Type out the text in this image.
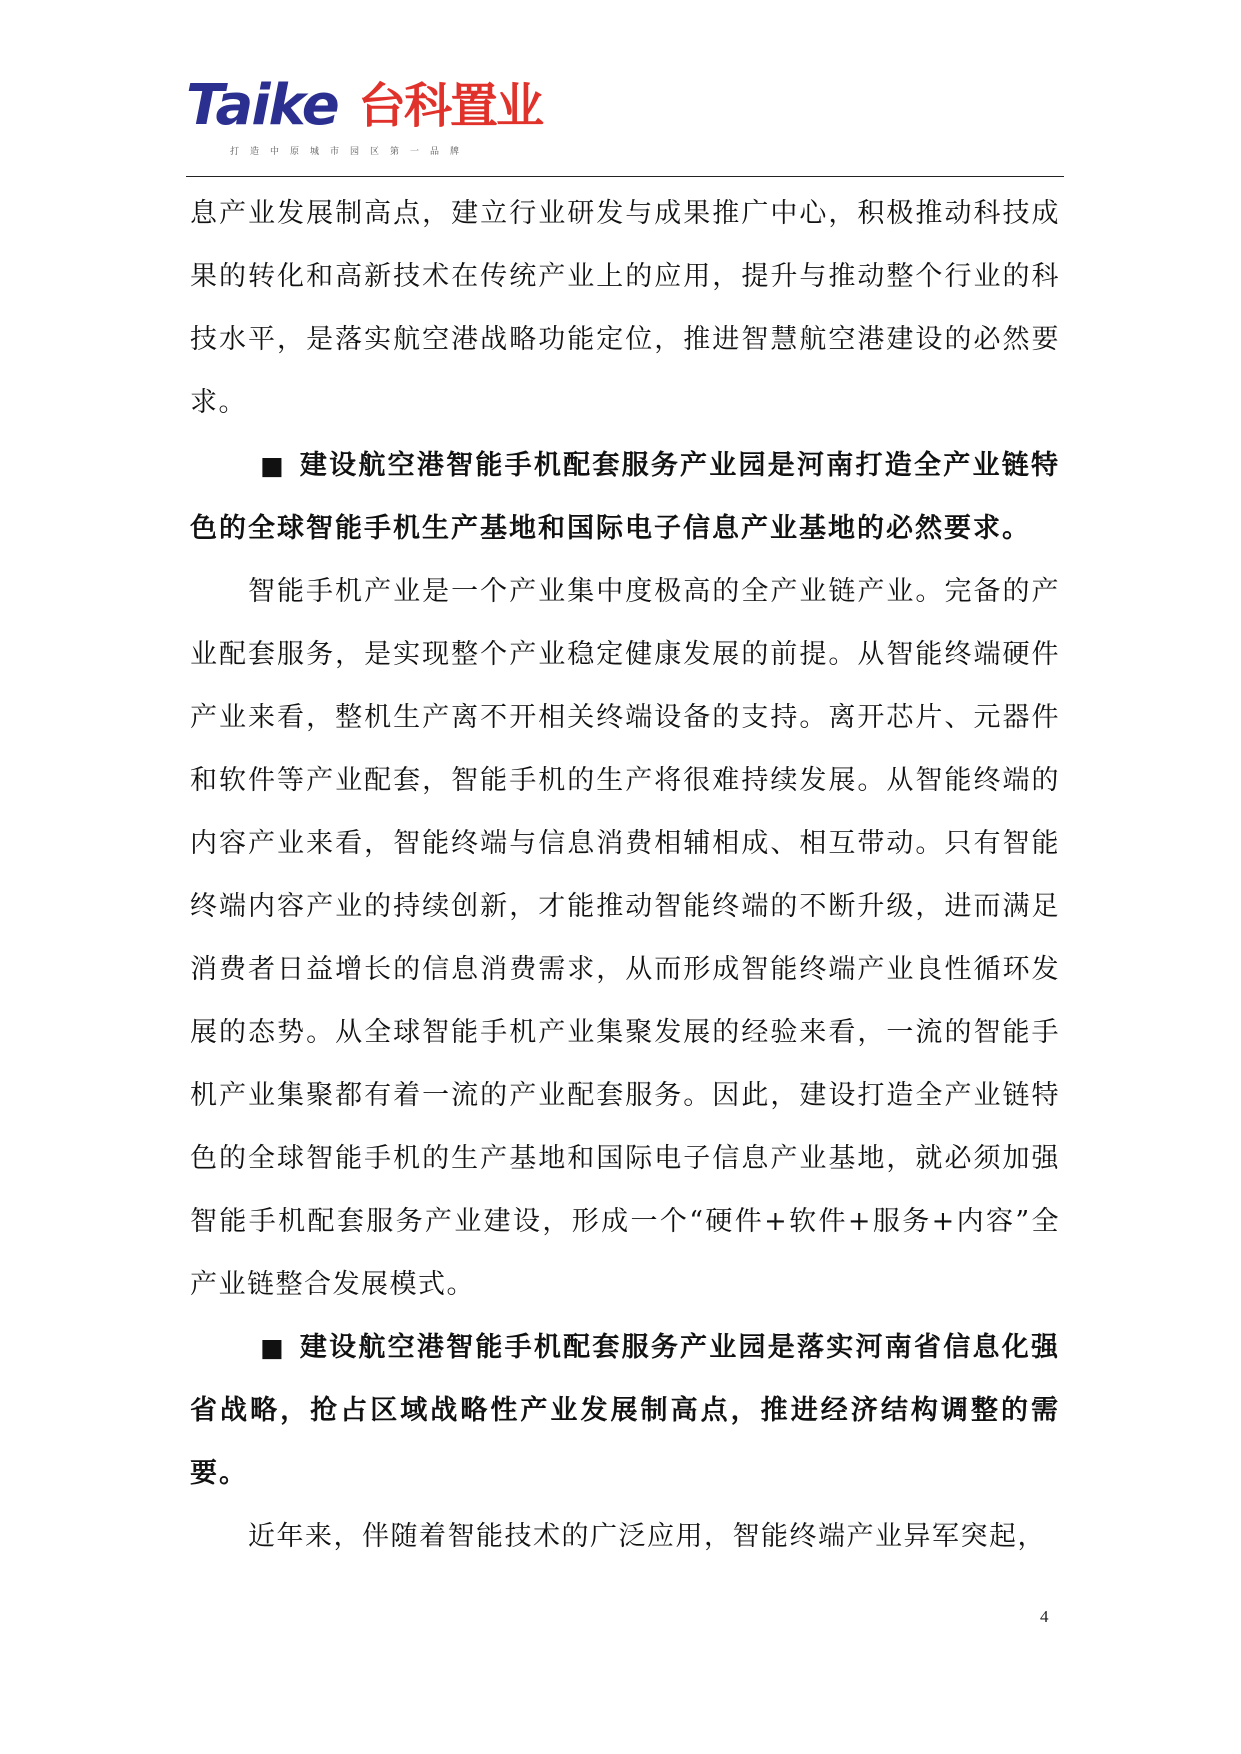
Taike 台科置业
打造中原城市园区第一品牌

息产业发展制高点，建立行业研发与成果推广中心，积极推动科技成果的转化和高新技术在传统产业上的应用，提升与推动整个行业的科技水平，是落实航空港战略功能定位，推进智慧航空港建设的必然要求。

■ 建设航空港智能手机配套服务产业园是河南打造全产业链特色的全球智能手机生产基地和国际电子信息产业基地的必然要求。

智能手机产业是一个产业集中度极高的全产业链产业。完备的产业配套服务，是实现整个产业稳定健康发展的前提。从智能终端硬件产业来看，整机生产离不开相关终端设备的支持。离开芯片、元器件和软件等产业配套，智能手机的生产将很难持续发展。从智能终端的内容产业来看，智能终端与信息消费相辅相成、相互带动。只有智能终端内容产业的持续创新，才能推动智能终端的不断升级，进而满足消费者日益增长的信息消费需求，从而形成智能终端产业良性循环发展的态势。从全球智能手机产业集聚发展的经验来看，一流的智能手机产业集聚都有着一流的产业配套服务。因此，建设打造全产业链特色的全球智能手机的生产基地和国际电子信息产业基地，就必须加强智能手机配套服务产业建设，形成一个“硬件+软件+服务+内容”全产业链整合发展模式。

■ 建设航空港智能手机配套服务产业园是落实河南省信息化强省战略，抢占区域战略性产业发展制高点，推进经济结构调整的需要。

近年来，伴随着智能技术的广泛应用，智能终端产业异军突起，

4
